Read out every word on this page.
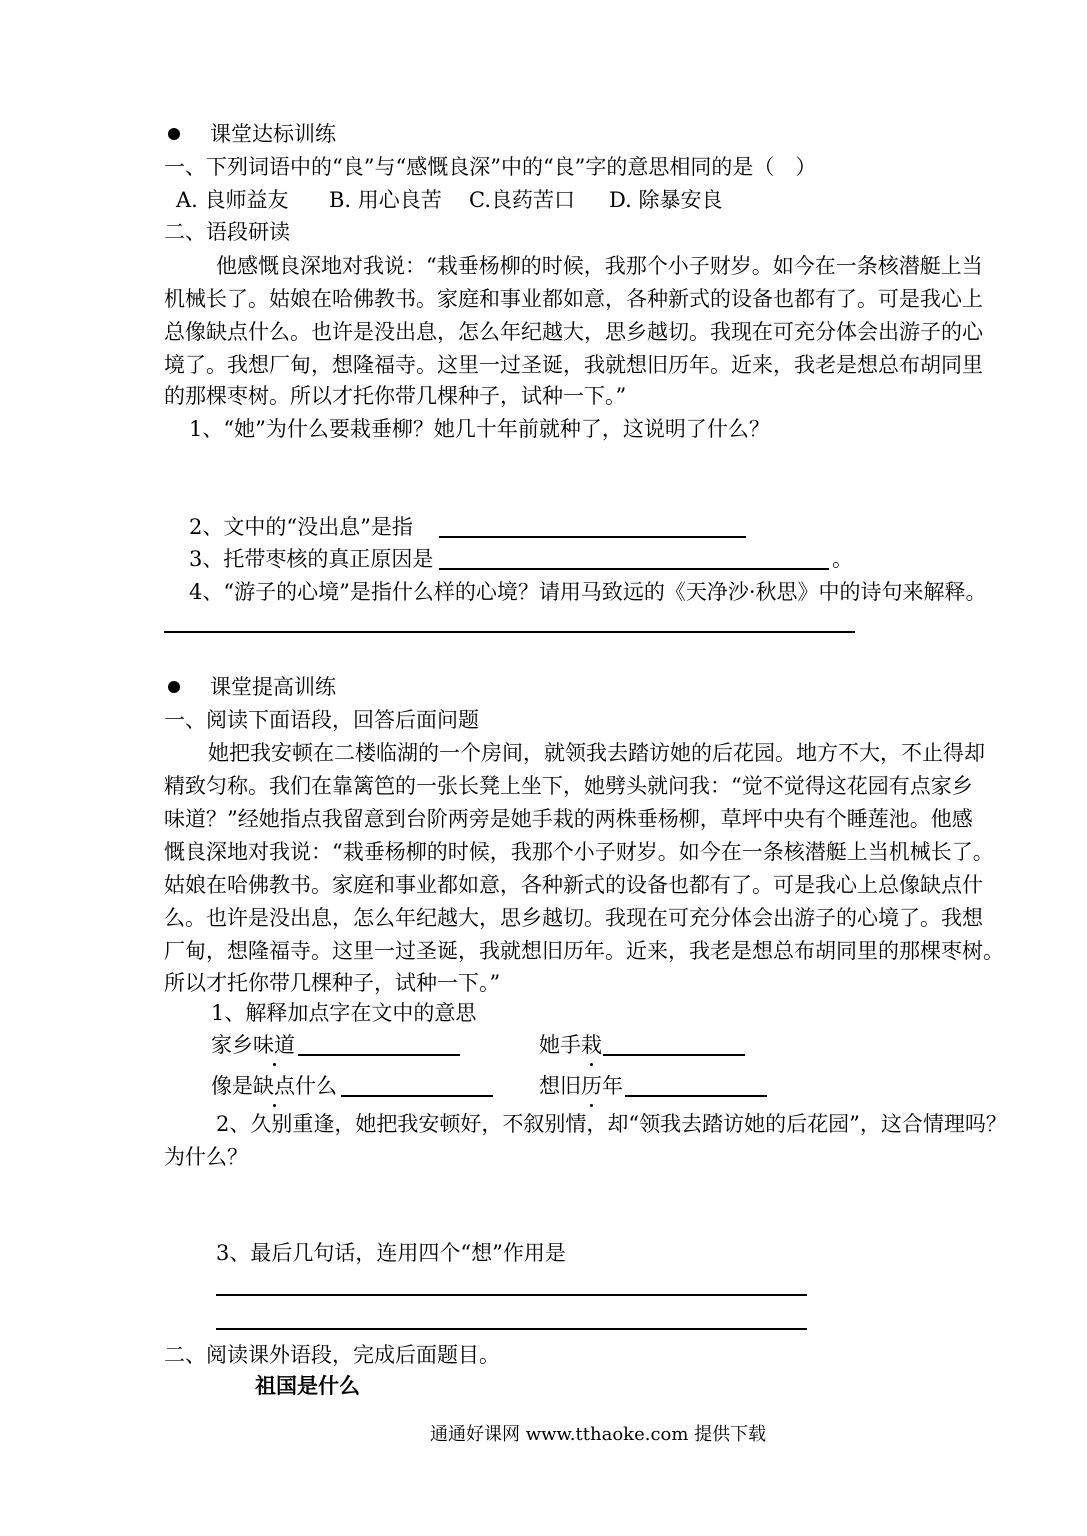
课堂达标训练
一、下列词语中的“良”与“感慨良深”中的“良”字的意思相同的是（　）
A. 良师益友 B. 用心良苦 C.良药苦口 D. 除暴安良
二、语段研读
他感慨良深地对我说：“栽垂杨柳的时候，我那个小子财岁。如今在一条核潜艇上当
机械长了。姑娘在哈佛教书。家庭和事业都如意，各种新式的设备也都有了。可是我心上
总像缺点什么。也许是没出息，怎么年纪越大，思乡越切。我现在可充分体会出游子的心
境了。我想厂甸，想隆福寺。这里一过圣诞，我就想旧历年。近来，我老是想总布胡同里
的那棵枣树。所以才托你带几棵种子，试种一下。”
1、“她”为什么要栽垂柳？她几十年前就种了，这说明了什么？
2、文中的“没出息”是指
3、托带枣核的真正原因是	。
4、“游子的心境”是指什么样的心境？请用马致远的《天净沙·秋思》中的诗句来解释。
课堂提高训练
一、阅读下面语段，回答后面问题
她把我安顿在二楼临湖的一个房间，就领我去踏访她的后花园。地方不大，不止得却
精致匀称。我们在靠篱笆的一张长凳上坐下，她劈头就问我：“觉不觉得这花园有点家乡
味道？”经她指点我留意到台阶两旁是她手栽的两株垂杨柳，草坪中央有个睡莲池。他感
慨良深地对我说：“栽垂杨柳的时候，我那个小子财岁。如今在一条核潜艇上当机械长了。
姑娘在哈佛教书。家庭和事业都如意，各种新式的设备也都有了。可是我心上总像缺点什
么。也许是没出息，怎么年纪越大，思乡越切。我现在可充分体会出游子的心境了。我想
厂甸，想隆福寺。这里一过圣诞，我就想旧历年。近来，我老是想总布胡同里的那棵枣树。
所以才托你带几棵种子，试种一下。”
1、解释加点字在文中的意思
家乡味道	她手栽
像是缺点什么	想旧历年
2、久别重逢，她把我安顿好，不叙别情，却“领我去踏访她的后花园”，这合情理吗？
为什么？
3、最后几句话，连用四个“想”作用是
二、阅读课外语段，完成后面题目。
祖国是什么
通通好课网 www.tthaoke.com 提供下载
